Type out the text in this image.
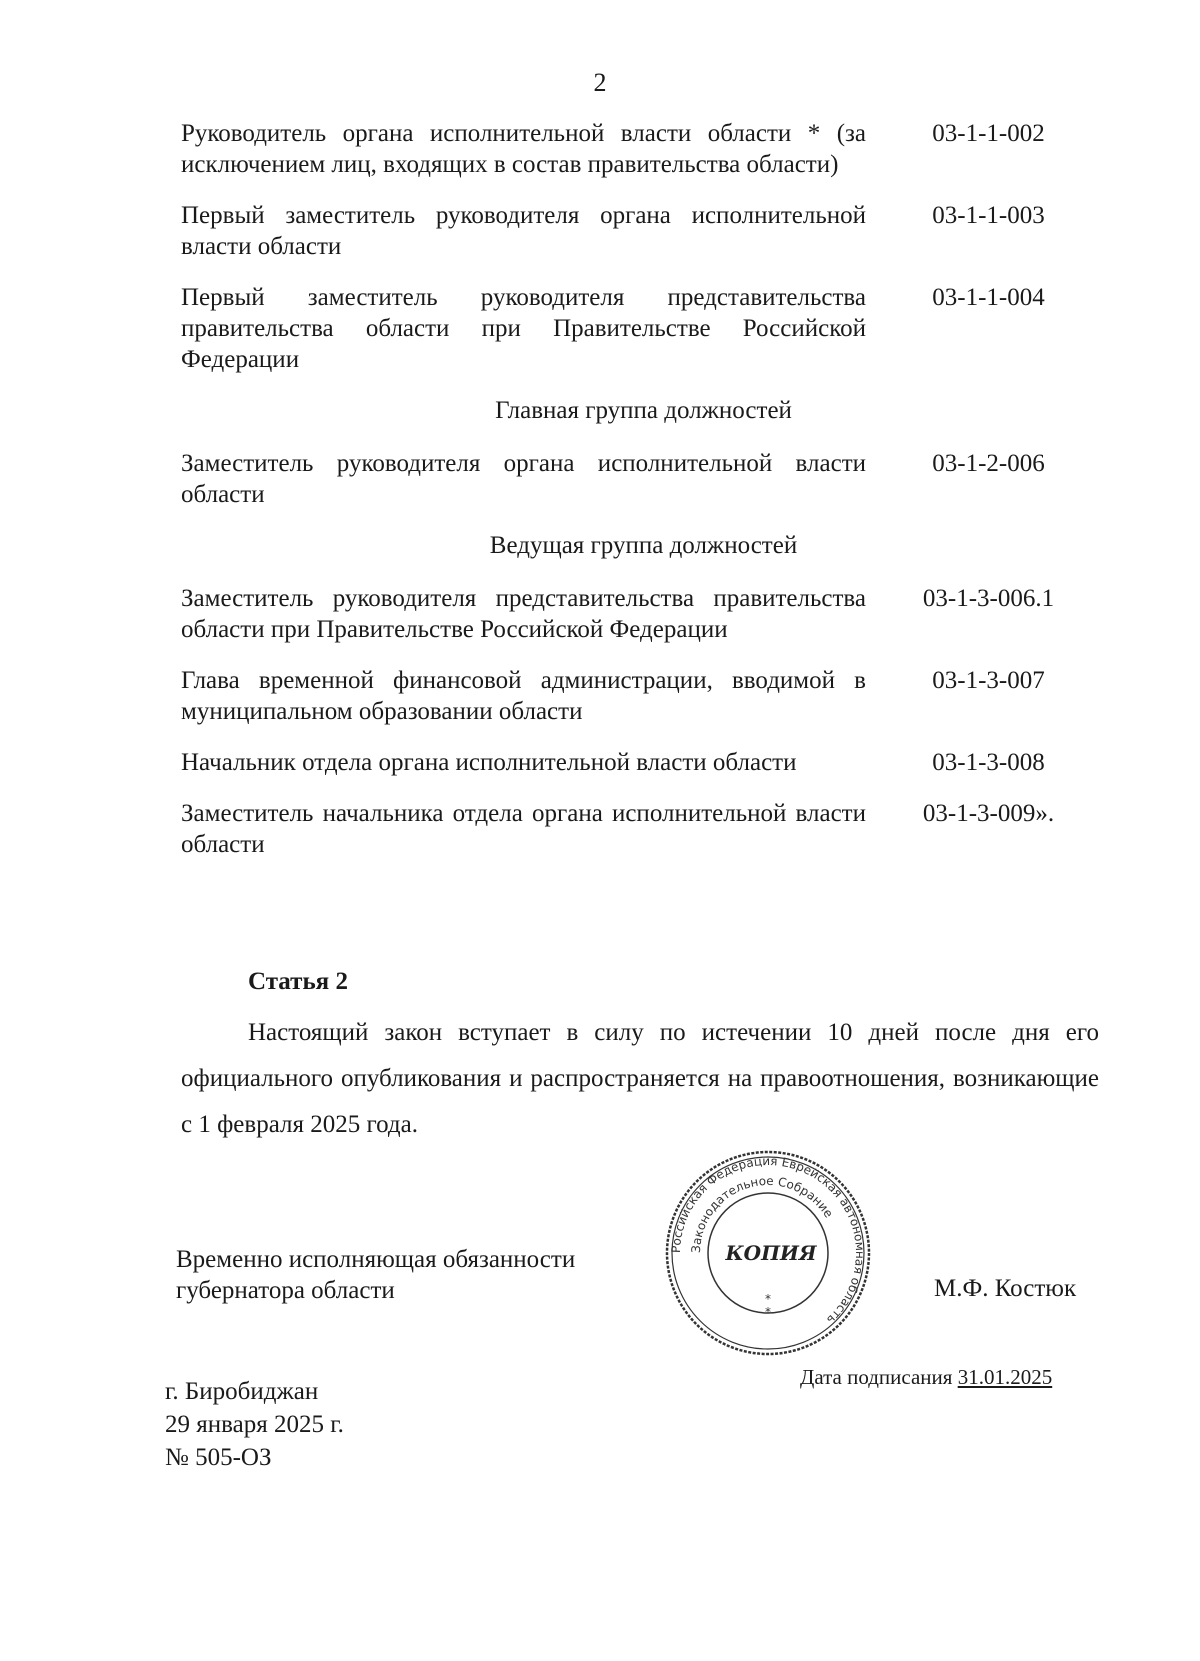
2
Руководитель органа исполнительной власти области * (за исключением лиц, входящих в состав правительства области)
03-1-1-002
Первый заместитель руководителя органа исполнительной власти области
03-1-1-003
Первый заместитель руководителя представительства правительства области при Правительстве Российской Федерации
03-1-1-004
Главная группа должностей
Заместитель руководителя органа исполнительной власти области
03-1-2-006
Ведущая группа должностей
Заместитель руководителя представительства правительства области при Правительстве Российской Федерации
03-1-3-006.1
Глава временной финансовой администрации, вводимой в муниципальном образовании области
03-1-3-007
Начальник отдела органа исполнительной власти области	03-1-3-008
Заместитель начальника отдела органа исполнительной власти области
03-1-3-009».
Статья 2
Настоящий закон вступает в силу по истечении 10 дней после дня его официального опубликования и распространяется на правоотношения, возникающие с 1 февраля 2025 года.
Временно исполняющая обязанности
губернатора области
Российская Федерация Еврейская автономная область
Законодательное Собрание
КОПИЯ
*
*
М.Ф. Костюк
Дата подписания 31.01.2025
г. Биробиджан
29 января 2025 г.
№ 505-ОЗ
